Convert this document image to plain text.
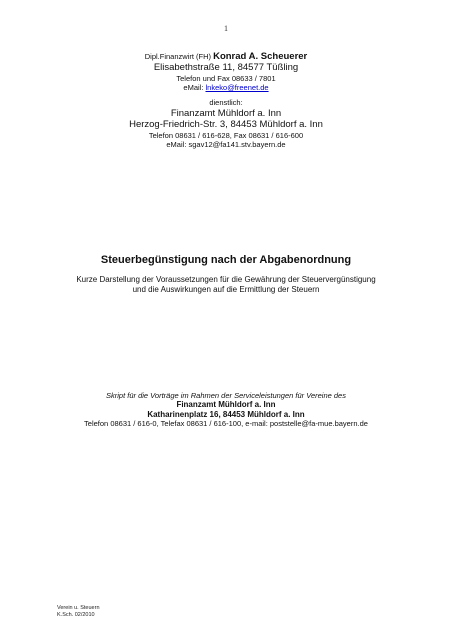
1
Dipl.Finanzwirt (FH) Konrad A. Scheuerer
Elisabethstraße 11, 84577 Tüßling
Telefon und Fax 08633 / 7801
eMail: lnkeko@freenet.de
dienstlich:
Finanzamt Mühldorf a. Inn
Herzog-Friedrich-Str. 3, 84453 Mühldorf a. Inn
Telefon 08631 / 616-628, Fax 08631 / 616-600
eMail: sgav12@fa141.stv.bayern.de
Steuerbegünstigung nach der Abgabenordnung
Kurze Darstellung der Voraussetzungen für die Gewährung der Steuervergünstigung
und die Auswirkungen auf die Ermittlung der Steuern
Skript für die Vorträge im Rahmen der Serviceleistungen für Vereine des
Finanzamt Mühldorf a. Inn
Katharinenplatz 16, 84453 Mühldorf a. Inn
Telefon 08631 / 616-0, Telefax 08631 / 616-100, e-mail: poststelle@fa-mue.bayern.de
Verein u. Steuern
K.Sch. 02/2010
